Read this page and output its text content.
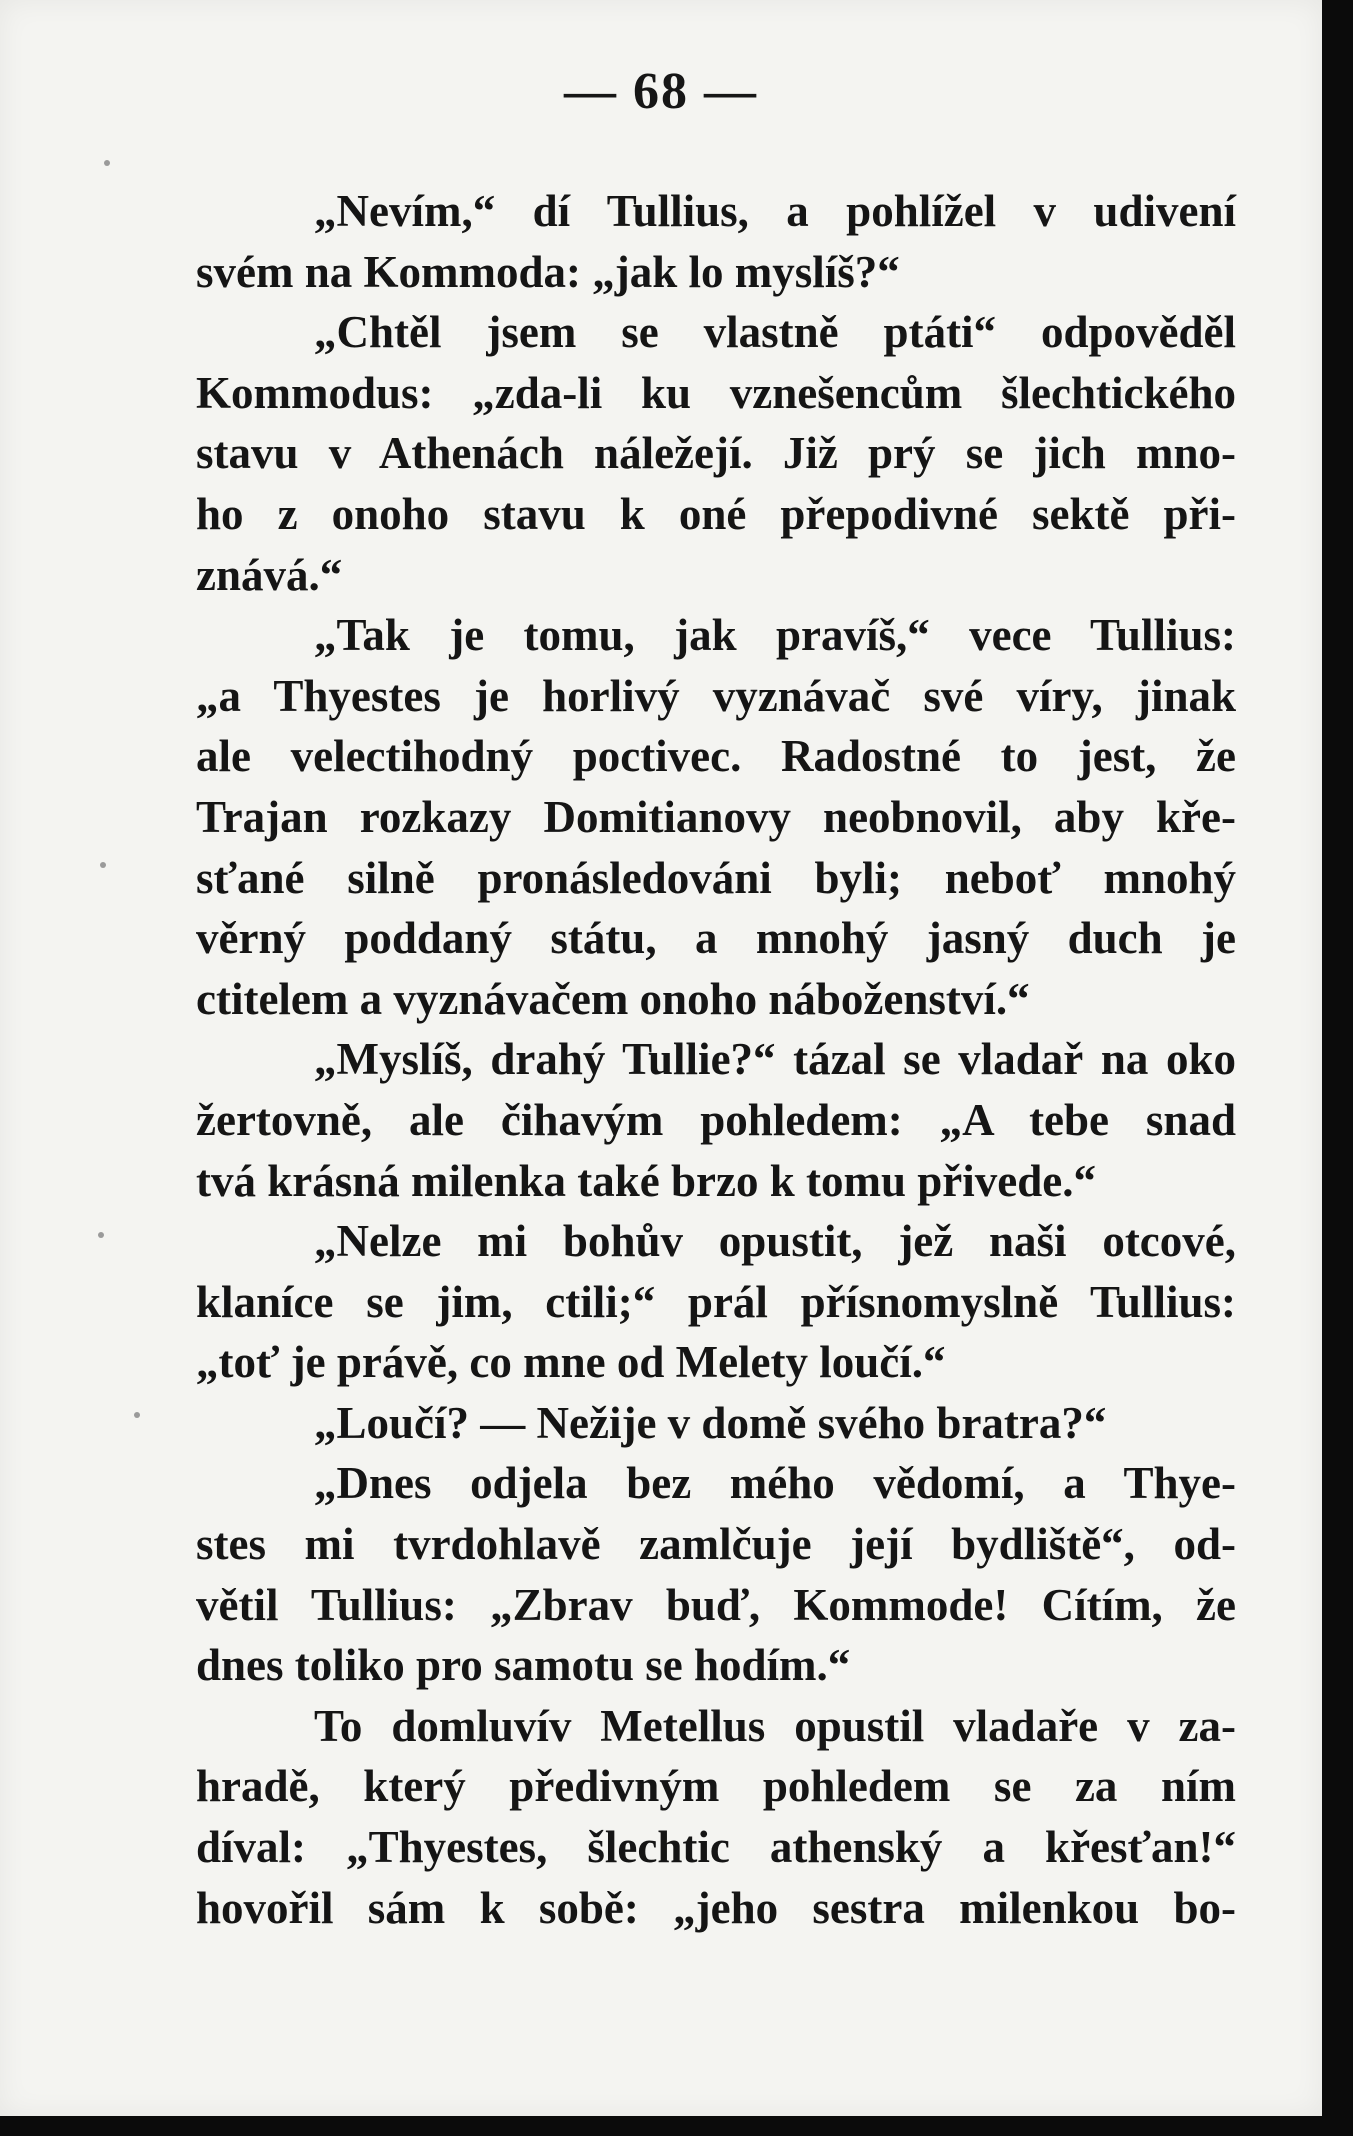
— 68 —
„Nevím,“ dí Tullius, a pohlížel v udivení
svém na Kommoda: „jak lo myslíš?“
„Chtěl jsem se vlastně ptáti“ odpověděl
Kommodus: „zda-li ku vznešencům šlechtického
stavu v Athenách náležejí. Již prý se jich mno-
ho z onoho stavu k oné přepodivné sektě při-
znává.“
„Tak je tomu, jak pravíš,“ vece Tullius:
„a Thyestes je horlivý vyznávač své víry, jinak
ale velectihodný poctivec. Radostné to jest, že
Trajan rozkazy Domitianovy neobnovil, aby kře-
sťané silně pronásledováni byli; neboť mnohý
věrný poddaný státu, a mnohý jasný duch je
ctitelem a vyznávačem onoho náboženství.“
„Myslíš, drahý Tullie?“ tázal se vladař na oko
žertovně, ale čihavým pohledem: „A tebe snad
tvá krásná milenka také brzo k tomu přivede.“
„Nelze mi bohův opustit, jež naši otcové,
klaníce se jim, ctili;“ prál přísnomyslně Tullius:
„toť je právě, co mne od Melety loučí.“
„Loučí? — Nežije v domě svého bratra?“
„Dnes odjela bez mého vědomí, a Thye-
stes mi tvrdohlavě zamlčuje její bydliště“, od-
větil Tullius: „Zbrav buď, Kommode! Cítím, že
dnes toliko pro samotu se hodím.“
To domluvív Metellus opustil vladaře v za-
hradě, který předivným pohledem se za ním
díval: „Thyestes, šlechtic athenský a křesťan!“
hovořil sám k sobě: „jeho sestra milenkou bo-
